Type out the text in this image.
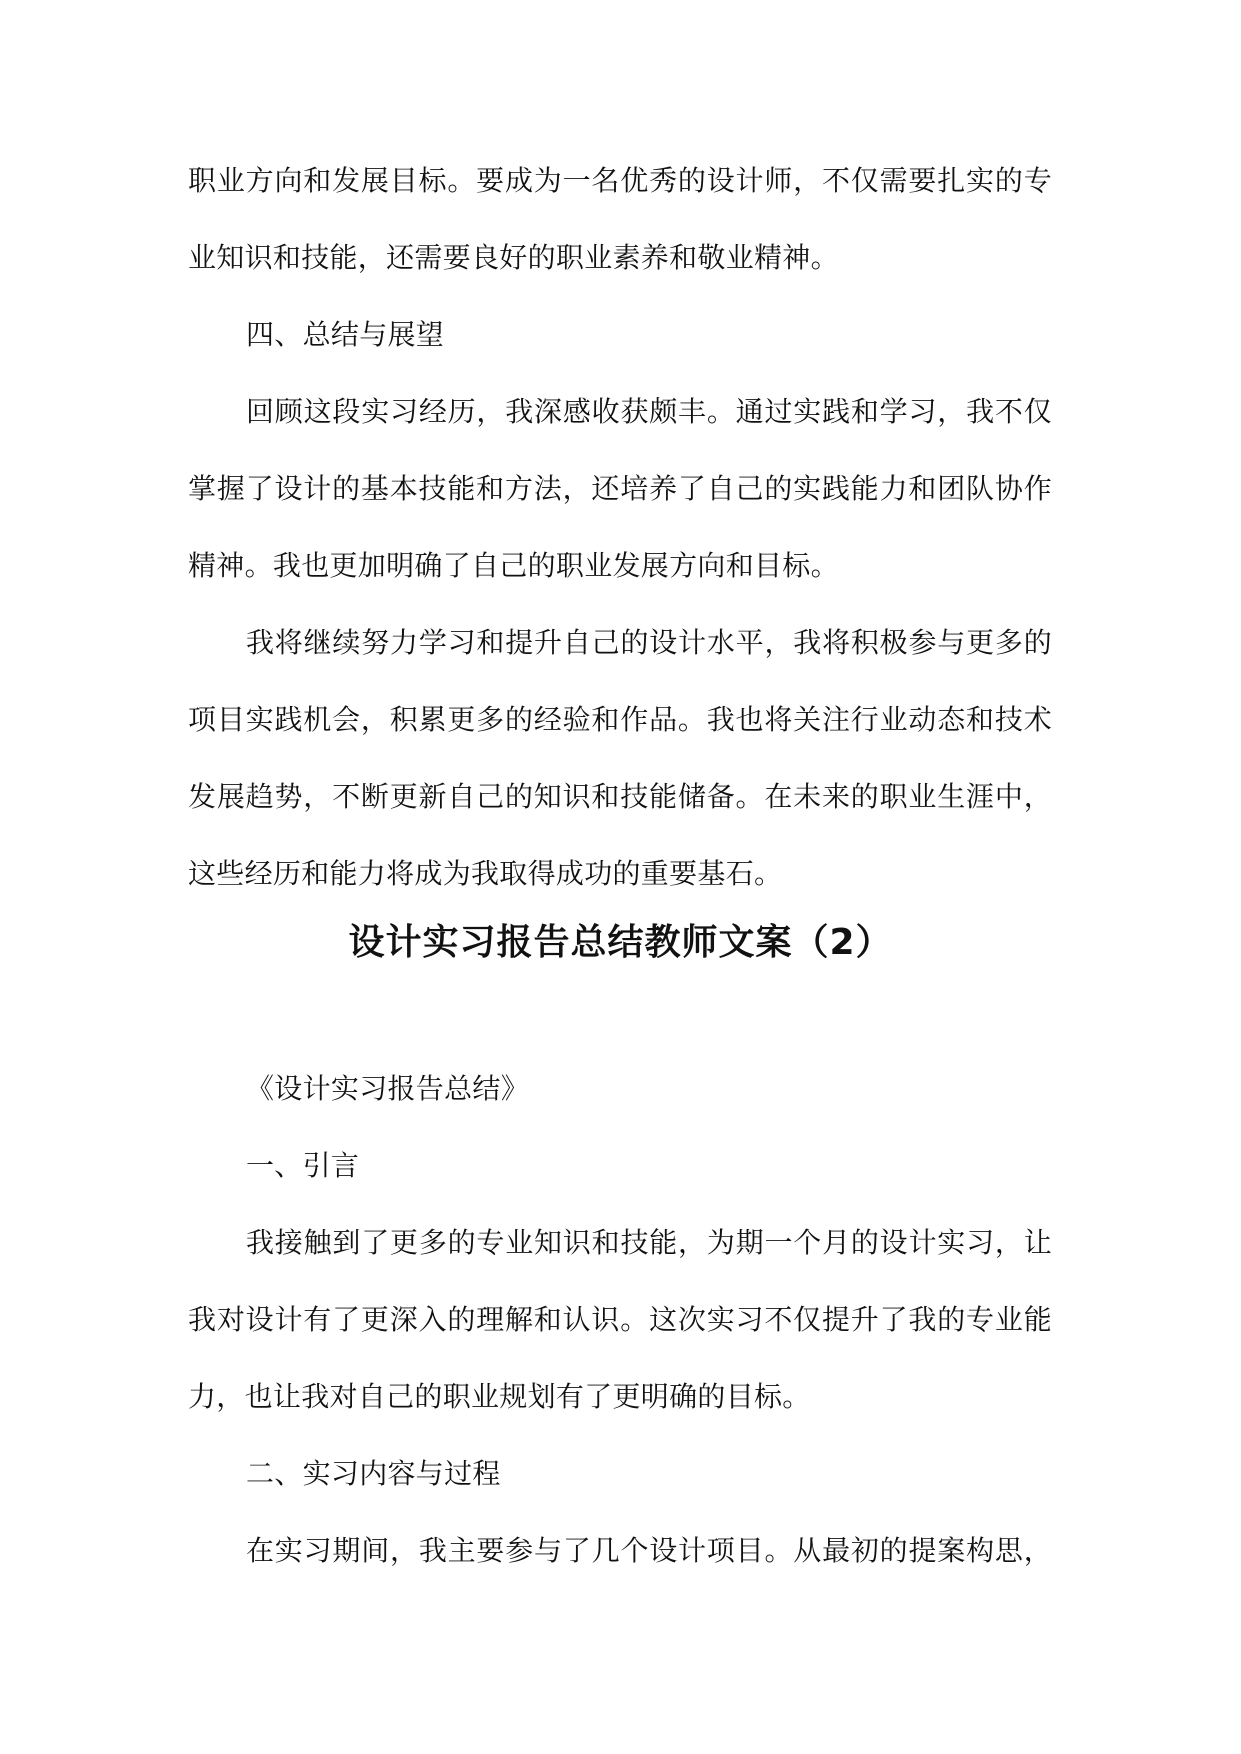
职业方向和发展目标。要成为一名优秀的设计师，不仅需要扎实的专

业知识和技能，还需要良好的职业素养和敬业精神。

四、总结与展望

回顾这段实习经历，我深感收获颇丰。通过实践和学习，我不仅

掌握了设计的基本技能和方法，还培养了自己的实践能力和团队协作

精神。我也更加明确了自己的职业发展方向和目标。

我将继续努力学习和提升自己的设计水平，我将积极参与更多的

项目实践机会，积累更多的经验和作品。我也将关注行业动态和技术

发展趋势，不断更新自己的知识和技能储备。在未来的职业生涯中，

这些经历和能力将成为我取得成功的重要基石。

设计实习报告总结教师文案（2）

《设计实习报告总结》

一、引言

我接触到了更多的专业知识和技能，为期一个月的设计实习，让

我对设计有了更深入的理解和认识。这次实习不仅提升了我的专业能

力，也让我对自己的职业规划有了更明确的目标。

二、实习内容与过程

在实习期间，我主要参与了几个设计项目。从最初的提案构思，
